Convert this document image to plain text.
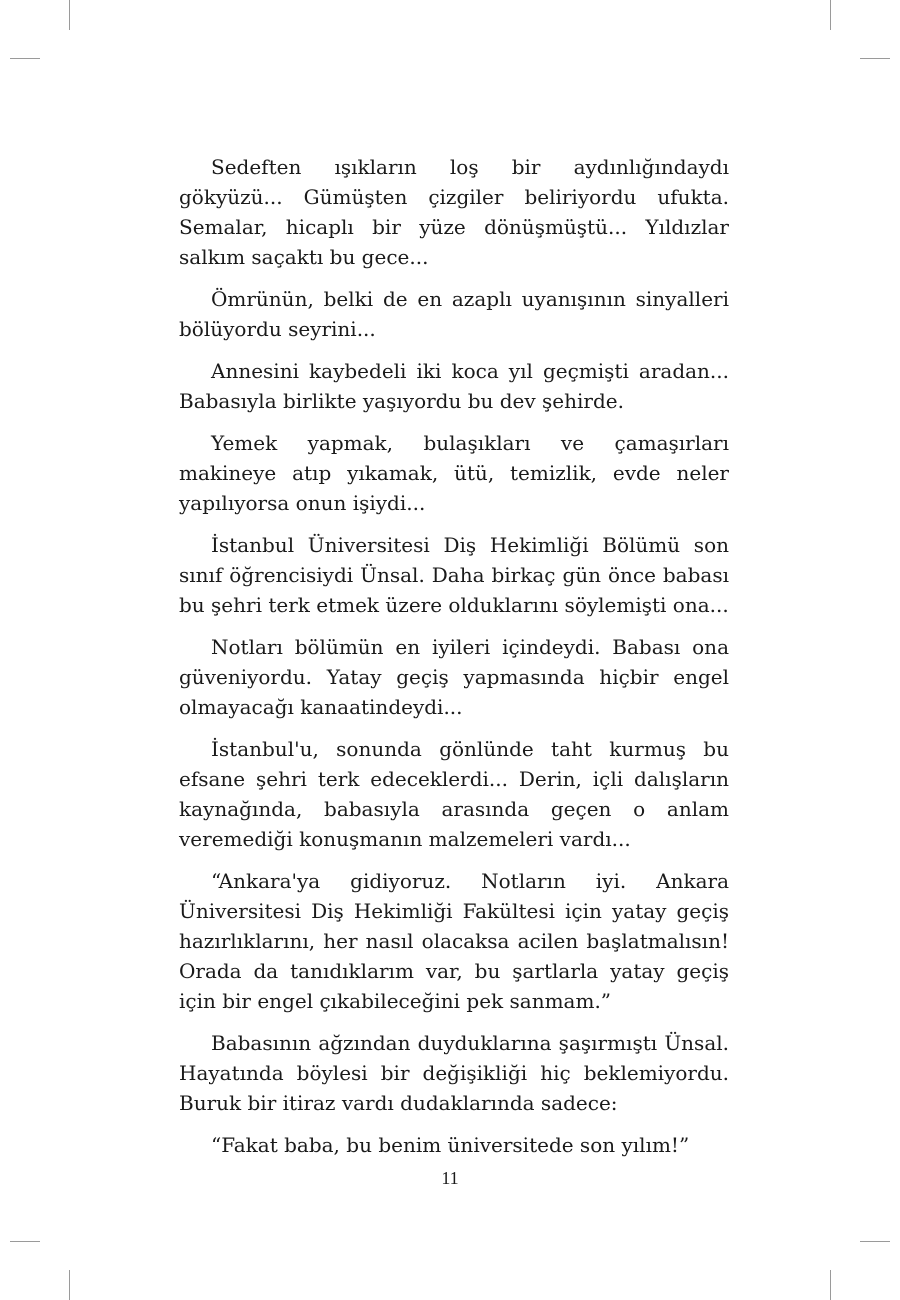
Sedeften ışıkların loş bir aydınlığındaydı gökyüzü... Gümüşten çizgiler beliriyordu ufukta. Semalar, hicaplı bir yüze dönüşmüştü... Yıldızlar salkım saçaktı bu gece...

Ömrünün, belki de en azaplı uyanışının sinyalleri bölüyordu seyrini...

Annesini kaybedeli iki koca yıl geçmişti aradan... Babasıyla birlikte yaşıyordu bu dev şehirde.

Yemek yapmak, bulaşıkları ve çamaşırları makineye atıp yıkamak, ütü, temizlik, evde neler yapılıyorsa onun işiydi...

İstanbul Üniversitesi Diş Hekimliği Bölümü son sınıf öğrencisiydi Ünsal. Daha birkaç gün önce babası bu şehri terk etmek üzere olduklarını söylemişti ona...

Notları bölümün en iyileri içindeydi. Babası ona güveniyordu. Yatay geçiş yapmasında hiçbir engel olmayacağı kanaatindeydi...

İstanbul'u, sonunda gönlünde taht kurmuş bu efsane şehri terk edeceklerdi... Derin, içli dalışların kaynağında, babasıyla arasında geçen o anlam veremediği konuşmanın malzemeleri vardı...

“Ankara'ya gidiyoruz. Notların iyi. Ankara Üniversitesi Diş Hekimliği Fakültesi için yatay geçiş hazırlıklarını, her nasıl olacaksa acilen başlatmalısın! Orada da tanıdıklarım var, bu şartlarla yatay geçiş için bir engel çıkabileceğini pek sanmam.”

Babasının ağzından duyduklarına şaşırmıştı Ünsal. Hayatında böylesi bir değişikliği hiç beklemiyordu. Buruk bir itiraz vardı dudaklarında sadece:

“Fakat baba, bu benim üniversitede son yılım!”

11
